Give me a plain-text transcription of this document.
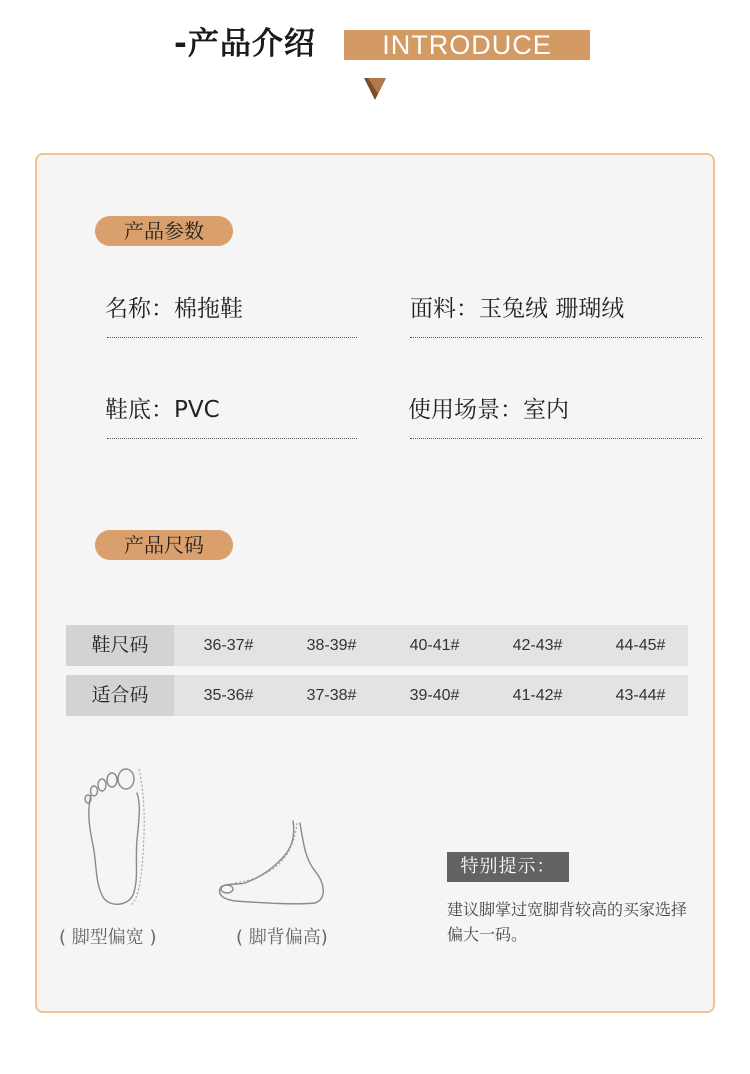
-产品介绍	INTRODUCE
产品参数
名称：棉拖鞋	面料：玉兔绒 珊瑚绒
鞋底：PVC	使用场景：室内
产品尺码
鞋尺码	36-37#	38-39#	40-41#	42-43#	44-45#
适合码	35-36#	37-38#	39-40#	41-42#	43-44#
( 脚型偏宽 )	( 脚背偏高)
特别提示：
建议脚掌过宽脚背较高的买家选择偏大一码。
